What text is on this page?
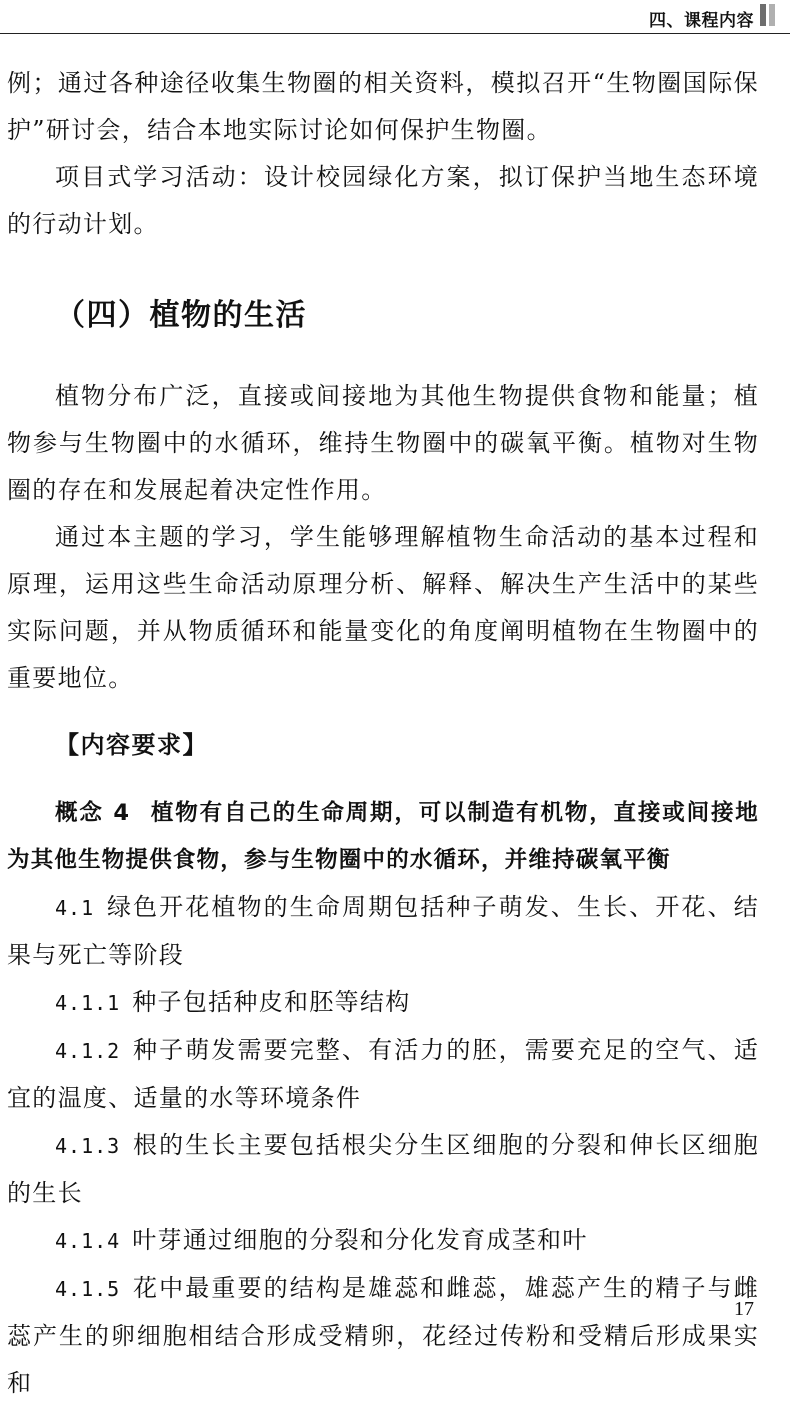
四、课程内容

例；通过各种途径收集生物圈的相关资料，模拟召开“生物圈国际保护”研讨会，结合本地实际讨论如何保护生物圈。

项目式学习活动：设计校园绿化方案，拟订保护当地生态环境的行动计划。

（四）植物的生活

植物分布广泛，直接或间接地为其他生物提供食物和能量；植物参与生物圈中的水循环，维持生物圈中的碳氧平衡。植物对生物圈的存在和发展起着决定性作用。

通过本主题的学习，学生能够理解植物生命活动的基本过程和原理，运用这些生命活动原理分析、解释、解决生产生活中的某些实际问题，并从物质循环和能量变化的角度阐明植物在生物圈中的重要地位。

【内容要求】

概念 4 植物有自己的生命周期，可以制造有机物，直接或间接地为其他生物提供食物，参与生物圈中的水循环，并维持碳氧平衡

4.1 绿色开花植物的生命周期包括种子萌发、生长、开花、结果与死亡等阶段

4.1.1 种子包括种皮和胚等结构

4.1.2 种子萌发需要完整、有活力的胚，需要充足的空气、适宜的温度、适量的水等环境条件

4.1.3 根的生长主要包括根尖分生区细胞的分裂和伸长区细胞的生长

4.1.4 叶芽通过细胞的分裂和分化发育成茎和叶

4.1.5 花中最重要的结构是雄蕊和雌蕊，雄蕊产生的精子与雌蕊产生的卵细胞相结合形成受精卵，花经过传粉和受精后形成果实和

17
